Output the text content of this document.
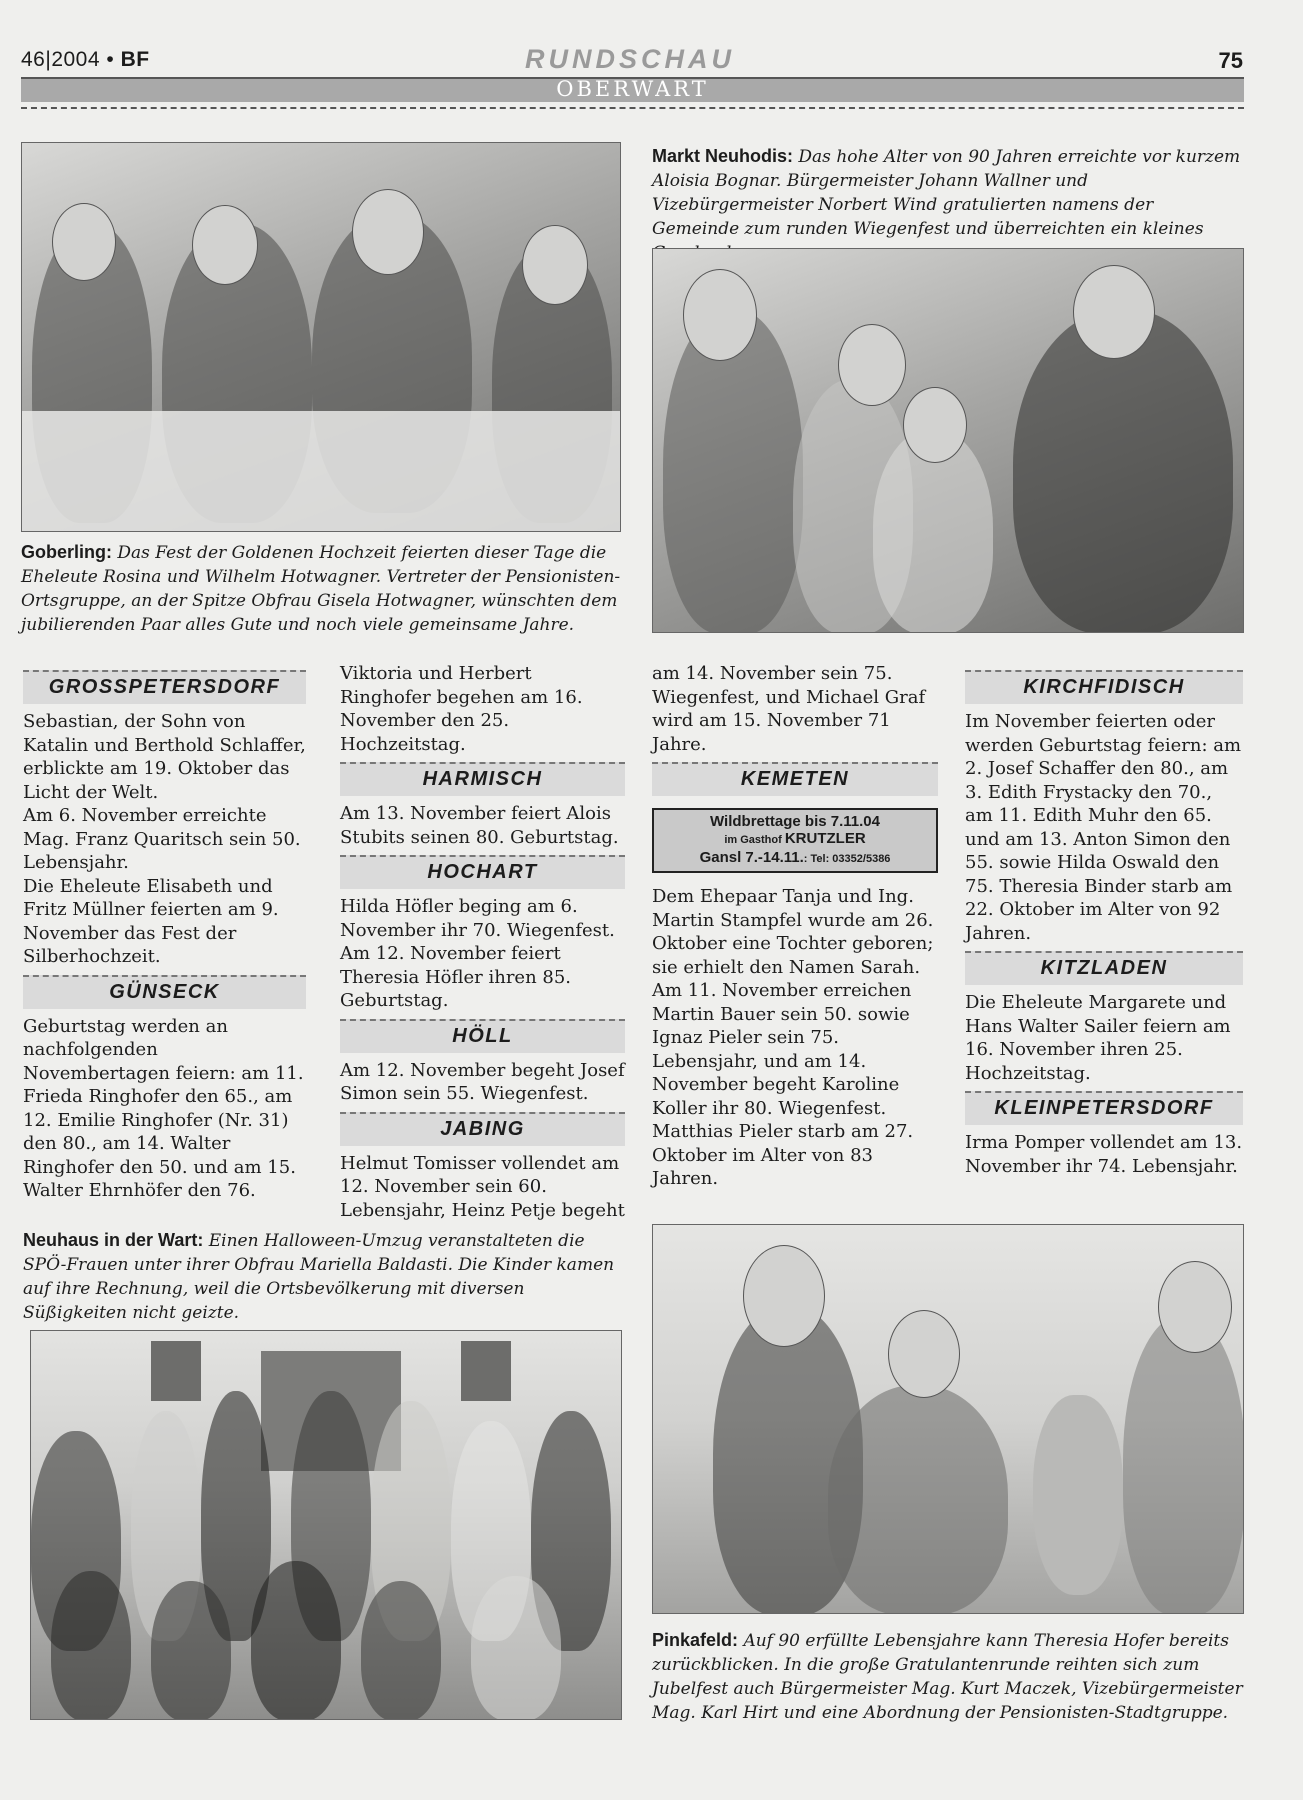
46|2004 • BF	RUNDSCHAU	75
OBERWART
Goberling: Das Fest der Goldenen Hochzeit feierten dieser Tage die Eheleute Rosina und Wilhelm Hotwagner. Vertreter der Pensionisten-Ortsgruppe, an der Spitze Obfrau Gisela Hotwagner, wünschten dem jubilierenden Paar alles Gute und noch viele gemeinsame Jahre.
Markt Neuhodis: Das hohe Alter von 90 Jahren erreichte vor kurzem Aloisia Bognar. Bürgermeister Johann Wallner und Vizebürgermeister Norbert Wind gratulierten namens der Gemeinde zum runden Wiegenfest und überreichten ein kleines
GROSSPETERSDORF

Sebastian, der Sohn von Katalin und Berthold Schlaffer, erblickte am 19. Oktober das Licht der Welt.

Am 6. November erreichte Mag. Franz Quaritsch sein 50. Lebensjahr.

Die Eheleute Elisabeth und Fritz Müllner feierten am 9. November das Fest der Silberhochzeit.

GÜNSECK

Geburtstag werden an nachfolgenden Novembertagen feiern: am 11. Frieda Ringhofer den 65., am 12. Emilie Ringhofer (Nr. 31) den 80., am 14. Walter Ringhofer den 50. und am 15. Walter Ehrnhöfer den 76.

Viktoria und Herbert Ringhofer begehen am 16. November den 25. Hochzeitstag.

HARMISCH

Am 13. November feiert Alois Stubits seinen 80. Geburtstag.

HOCHART

Hilda Höfler beging am 6. November ihr 70. Wiegenfest.

Am 12. November feiert Theresia Höfler ihren 85. Geburtstag.

HÖLL

Am 12. November begeht Josef Simon sein 55. Wiegenfest.

JABING

Helmut Tomisser vollendet am 12. November sein 60. Lebensjahr, Heinz Petje begeht

am 14. November sein 75. Wiegenfest, und Michael Graf wird am 15. November 71 Jahre.

KEMETEN
Wildbrettage bis 7.11.04
im Gasthof KRUTZLER
Gansl 7.-14.11.: Tel: 03352/5386

Dem Ehepaar Tanja und Ing. Martin Stampfel wurde am 26. Oktober eine Tochter geboren; sie erhielt den Namen Sarah.

Am 11. November erreichen Martin Bauer sein 50. sowie Ignaz Pieler sein 75. Lebensjahr, und am 14. November begeht Karoline Koller ihr 80. Wiegenfest.

Matthias Pieler starb am 27. Oktober im Alter von 83 Jahren.

KIRCHFIDISCH

Im November feierten oder werden Geburtstag feiern: am 2. Josef Schaffer den 80., am 3. Edith Frystacky den 70., am 11. Edith Muhr den 65. und am 13. Anton Simon den 55. sowie Hilda Oswald den 75. Theresia Binder starb am 22. Oktober im Alter von 92 Jahren.

KITZLADEN

Die Eheleute Margarete und Hans Walter Sailer feiern am 16. November ihren 25. Hochzeitstag.

KLEINPETERSDORF

Irma Pomper vollendet am 13. November ihr 74. Lebensjahr.

Neuhaus in der Wart: Einen Halloween-Umzug veranstalteten die SPÖ-Frauen unter ihrer Obfrau Mariella Baldasti. Die Kinder kamen auf ihre Rechnung, weil die Ortsbevölkerung mit diversen Süßigkeiten nicht geizte.
Pinkafeld: Auf 90 erfüllte Lebensjahre kann Theresia Hofer bereits zurückblicken. In die große Gratulantenrunde reihten sich zum Jubelfest auch Bürgermeister Mag. Kurt Maczek, Vizebürgermeister Mag. Karl Hirt und eine Abordnung der Pensionisten-Stadtgruppe.
